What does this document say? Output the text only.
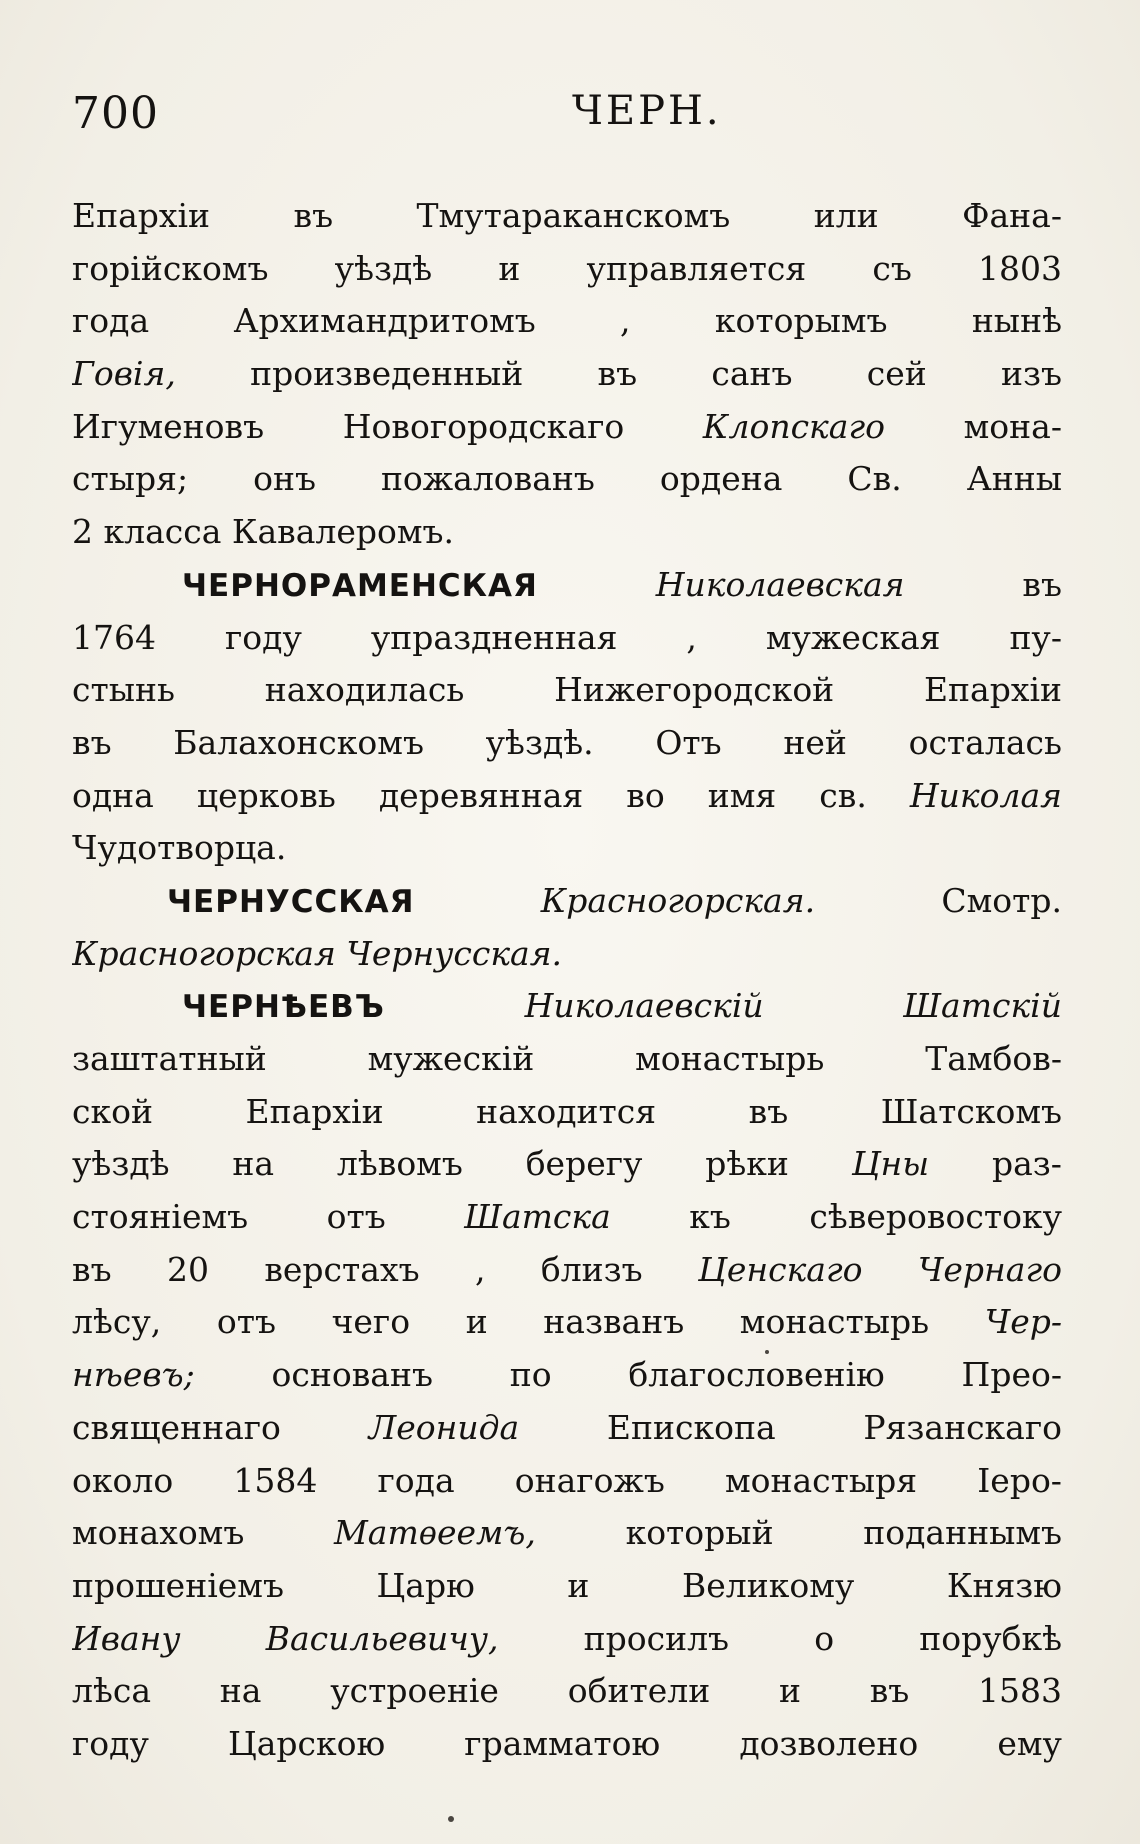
700	ЧЕРН.
Епархіи	въ	Тмутараканскомъ	или	Фана-
горійскомъ уѣздѣ и управляется съ 1803
года	Архимандритомъ	,	которымъ	нынѣ
Говія, произведенный въ санъ сей изъ
Игуменовъ Новогородскаго Клопскаго мона-
стыря; онъ пожалованъ ордена Св. Анны
2 класса Кавалеромъ.
ЧЕРНОРАМЕНСКАЯ	Николаевская	въ
1764 году упраздненная , мужеская пу-
стынь	находилась	Нижегородской	Епархіи
въ Балахонскомъ уѣздѣ. Отъ ней осталась
одна церковь деревянная во имя св. Николая
Чудотворца.
ЧЕРНУССКАЯ	Красногорская.	Смотр.
Красногорская Чернусская.
ЧЕРНѢЕВЪ	Николаевскій	Шатскій
заштатный	мужескій	монастырь	Тамбов-
ской	Епархіи	находится	въ	Шатскомъ
уѣздѣ на лѣвомъ берегу рѣки Цны раз-
стояніемъ отъ Шатска къ сѣверовостоку
въ 20 верстахъ , близъ Ценскаго Чернаго
лѣсу, отъ чего и названъ монастырь Чер-
нѣевъ; основанъ по благословенію Прео-
священнаго	Леонида	Епископа	Рязанскаго
около 1584 года онагожъ монастыря Іеро-
монахомъ	Матѳеемъ,	который	поданнымъ
прошеніемъ	Царю	и	Великому	Князю
Ивану	Васильевичу,	просилъ	о	порубкѣ
лѣса на устроеніе обители и въ 1583
году Царскою грамматою дозволено ему
